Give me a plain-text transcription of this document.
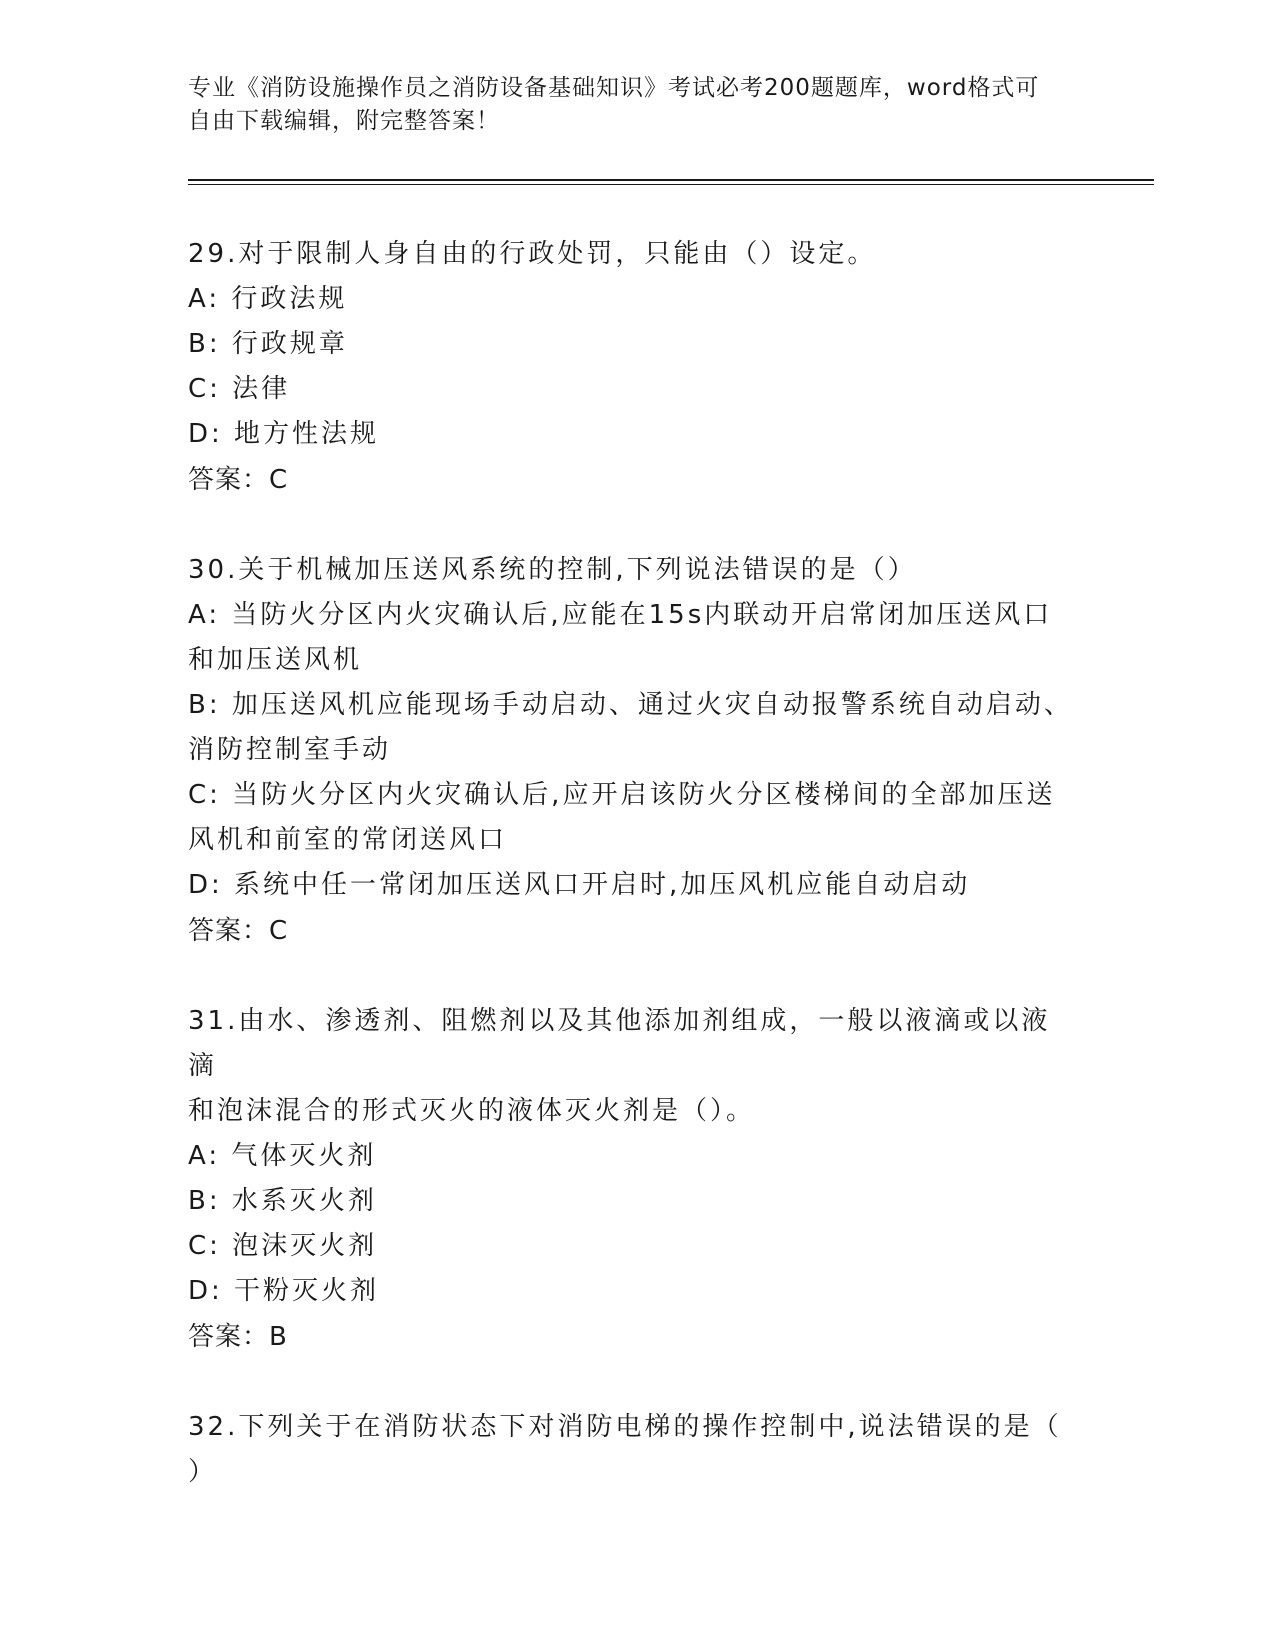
专业《消防设施操作员之消防设备基础知识》考试必考200题题库，word格式可
自由下载编辑，附完整答案！
29.对于限制人身自由的行政处罚，只能由（）设定。
A: 行政法规
B: 行政规章
C: 法律
D: 地方性法规
答案：C
30.关于机械加压送风系统的控制,下列说法错误的是（）
A: 当防火分区内火灾确认后,应能在15s内联动开启常闭加压送风口
和加压送风机
B: 加压送风机应能现场手动启动、通过火灾自动报警系统自动启动、
消防控制室手动
C: 当防火分区内火灾确认后,应开启该防火分区楼梯间的全部加压送
风机和前室的常闭送风口
D: 系统中任一常闭加压送风口开启时,加压风机应能自动启动
答案：C
31.由水、渗透剂、阻燃剂以及其他添加剂组成，一般以液滴或以液滴
和泡沫混合的形式灭火的液体灭火剂是（）。
A: 气体灭火剂
B: 水系灭火剂
C: 泡沫灭火剂
D: 干粉灭火剂
答案：B
32.下列关于在消防状态下对消防电梯的操作控制中,说法错误的是（
）
